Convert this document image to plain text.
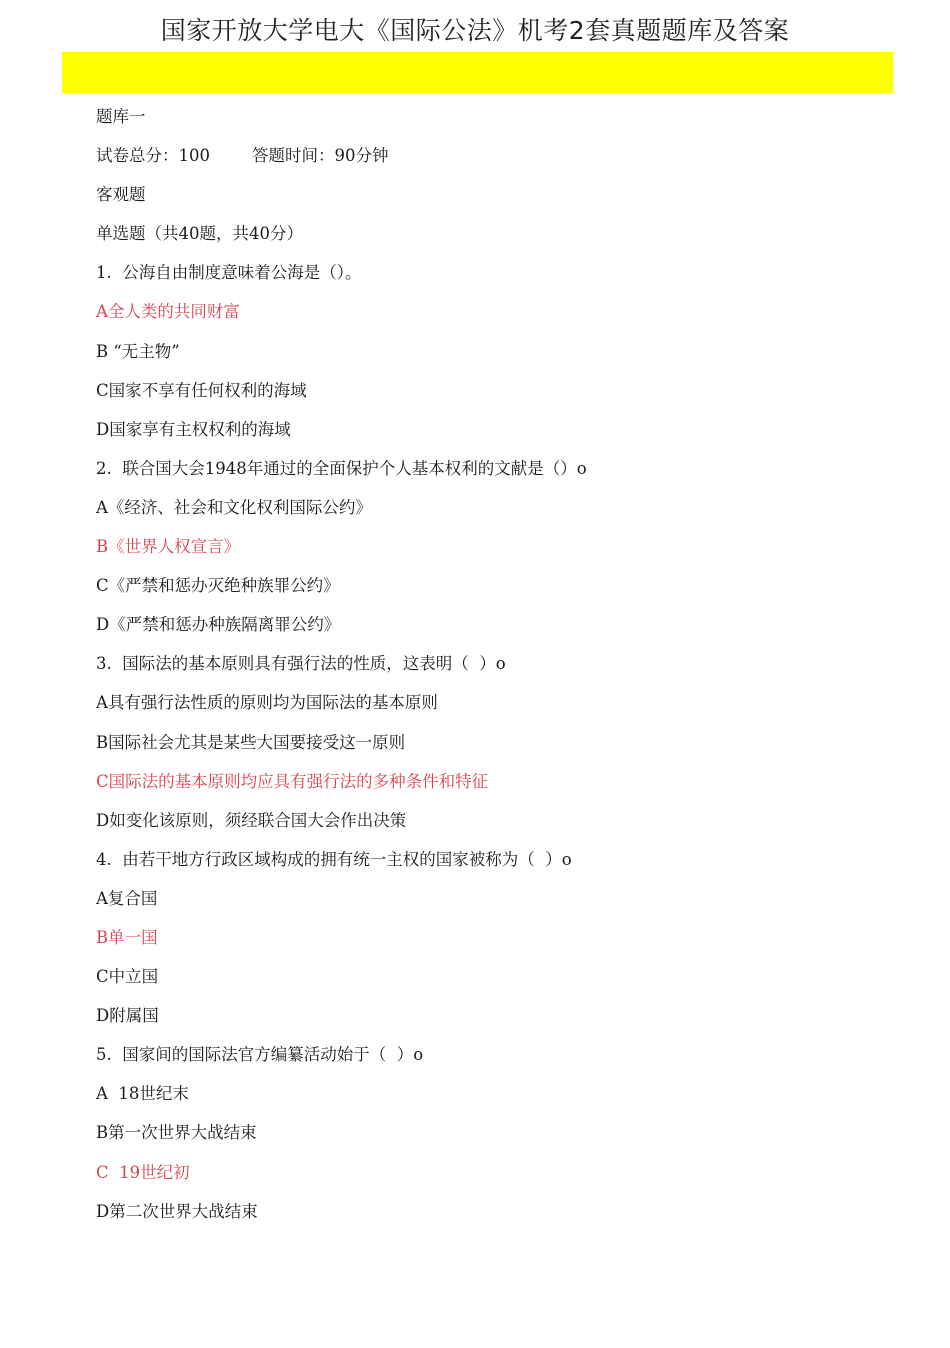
国家开放大学电大《国际公法》机考2套真题题库及答案
题库一
试卷总分：100        答题时间：90分钟
客观题
单选题（共40题，共40分）
1.  公海自由制度意味着公海是（）。
A全人类的共同财富
B “无主物”
C国家不享有任何权利的海域
D国家享有主权权利的海域
2.  联合国大会1948年通过的全面保护个人基本权利的文献是（）o
A《经济、社会和文化权利国际公约》
B《世界人权宣言》
C《严禁和惩办灭绝种族罪公约》
D《严禁和惩办种族隔离罪公约》
3.  国际法的基本原则具有强行法的性质，这表明（  ）o
A具有强行法性质的原则均为国际法的基本原则
B国际社会尤其是某些大国要接受这一原则
C国际法的基本原则均应具有强行法的多种条件和特征
D如变化该原则，须经联合国大会作出决策
4.  由若干地方行政区域构成的拥有统一主权的国家被称为（  ）o
A复合国
B单一国
C中立国
D附属国
5.  国家间的国际法官方编纂活动始于（  ）o
A  18世纪末
B第一次世界大战结束
C  19世纪初
D第二次世界大战结束
